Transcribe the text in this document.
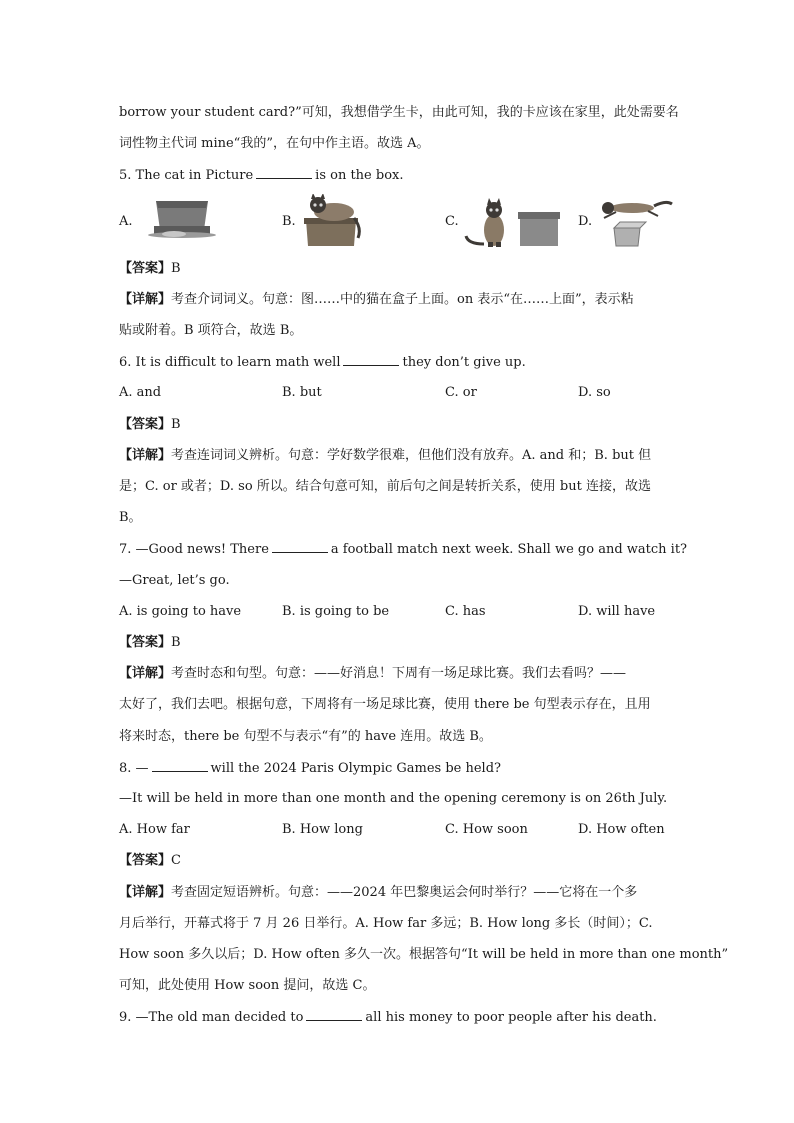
borrow your student card?”可知，我想借学生卡，由此可知，我的卡应该在家里，此处需要名
词性物主代词 mine“我的”，在句中作主语。故选 A。
5. The cat in Picture	is on the box.
A.	B.	C.	D.
【答案】B
【详解】考查介词词义。句意：图……中的猫在盒子上面。on 表示“在……上面”，表示粘
贴或附着。B 项符合，故选 B。
6. It is difficult to learn math well	they don’t give up.
A. and	B. but	C. or	D. so
【答案】B
【详解】考查连词词义辨析。句意：学好数学很难，但他们没有放弃。A. and 和；B. but 但
是；C. or 或者；D. so 所以。结合句意可知，前后句之间是转折关系，使用 but 连接，故选
B。
7. —Good news! There	a football match next week. Shall we go and watch it?
—Great, let’s go.
A. is going to have	B. is going to be	C. has	D. will have
【答案】B
【详解】考查时态和句型。句意：——好消息！下周有一场足球比赛。我们去看吗？——
太好了，我们去吧。根据句意，下周将有一场足球比赛，使用 there be 句型表示存在，且用
将来时态，there be 句型不与表示“有”的 have 连用。故选 B。
8. —	will the 2024 Paris Olympic Games be held?
—It will be held in more than one month and the opening ceremony is on 26th July.
A. How far	B. How long	C. How soon	D. How often
【答案】C
【详解】考查固定短语辨析。句意：——2024 年巴黎奥运会何时举行？——它将在一个多
月后举行，开幕式将于 7 月 26 日举行。A. How far 多远；B. How long 多长（时间）；C.
How soon 多久以后；D. How often 多久一次。根据答句“It will be held in more than one month”
可知，此处使用 How soon 提问，故选 C。
9. —The old man decided to	all his money to poor people after his death.
